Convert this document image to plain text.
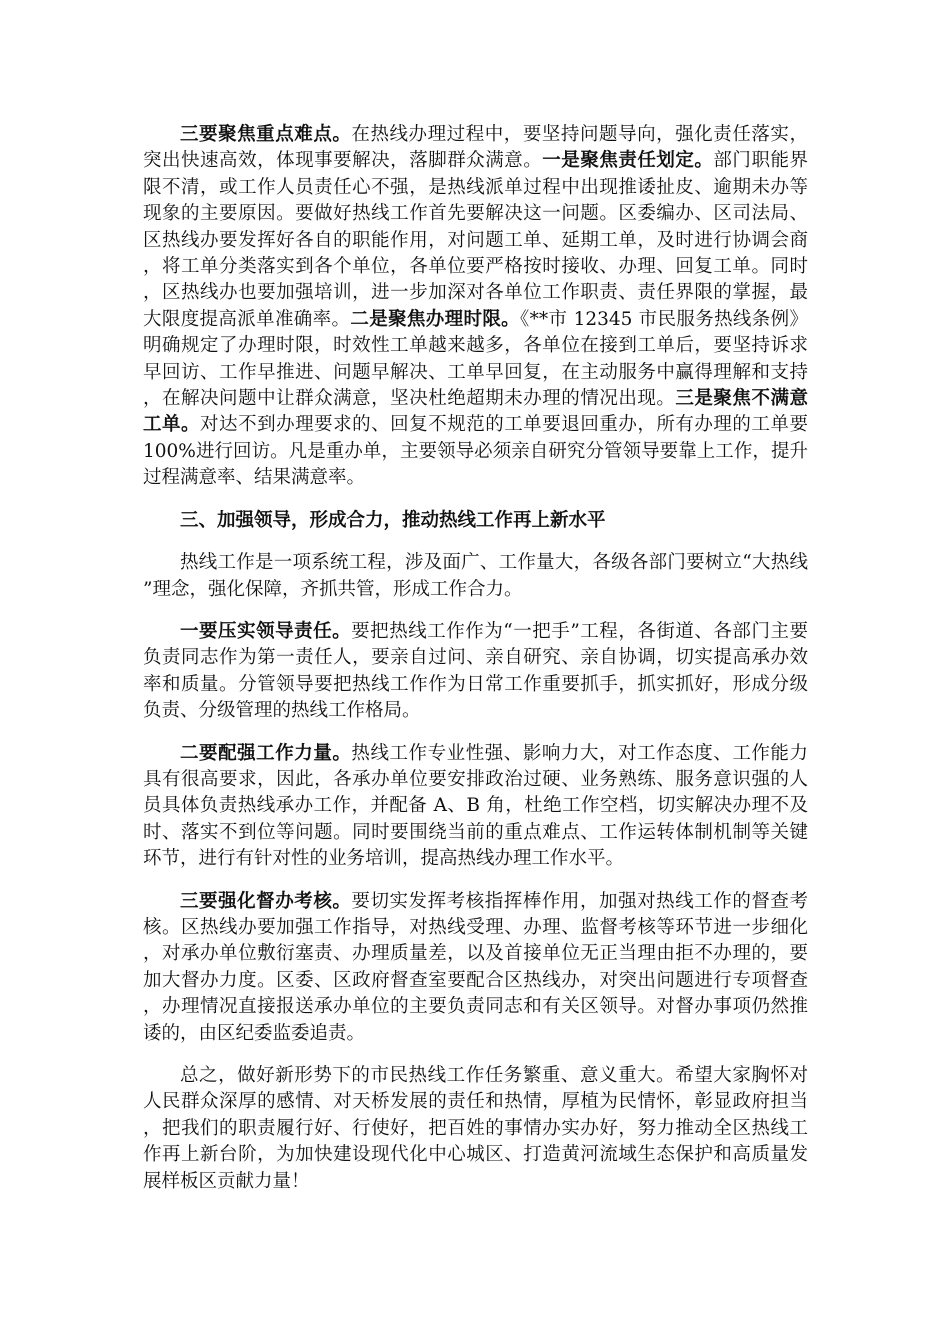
三要聚焦重点难点。在热线办理过程中，要坚持问题导向，强化责任落实，突出快速高效，体现事要解决，落脚群众满意。一是聚焦责任划定。部门职能界限不清，或工作人员责任心不强，是热线派单过程中出现推诿扯皮、逾期未办等现象的主要原因。要做好热线工作首先要解决这一问题。区委编办、区司法局、区热线办要发挥好各自的职能作用，对问题工单、延期工单，及时进行协调会商，将工单分类落实到各个单位，各单位要严格按时接收、办理、回复工单。同时，区热线办也要加强培训，进一步加深对各单位工作职责、责任界限的掌握，最大限度提高派单准确率。二是聚焦办理时限。《**市 12345 市民服务热线条例》明确规定了办理时限，时效性工单越来越多，各单位在接到工单后，要坚持诉求早回访、工作早推进、问题早解决、工单早回复，在主动服务中赢得理解和支持，在解决问题中让群众满意，坚决杜绝超期未办理的情况出现。三是聚焦不满意工单。对达不到办理要求的、回复不规范的工单要退回重办，所有办理的工单要 100%进行回访。凡是重办单，主要领导必须亲自研究分管领导要靠上工作，提升过程满意率、结果满意率。

三、加强领导，形成合力，推动热线工作再上新水平

热线工作是一项系统工程，涉及面广、工作量大，各级各部门要树立“大热线”理念，强化保障，齐抓共管，形成工作合力。

一要压实领导责任。要把热线工作作为“一把手”工程，各街道、各部门主要负责同志作为第一责任人，要亲自过问、亲自研究、亲自协调，切实提高承办效率和质量。分管领导要把热线工作作为日常工作重要抓手，抓实抓好，形成分级负责、分级管理的热线工作格局。

二要配强工作力量。热线工作专业性强、影响力大，对工作态度、工作能力具有很高要求，因此，各承办单位要安排政治过硬、业务熟练、服务意识强的人员具体负责热线承办工作，并配备 A、B 角，杜绝工作空档，切实解决办理不及时、落实不到位等问题。同时要围绕当前的重点难点、工作运转体制机制等关键环节，进行有针对性的业务培训，提高热线办理工作水平。

三要强化督办考核。要切实发挥考核指挥棒作用，加强对热线工作的督查考核。区热线办要加强工作指导，对热线受理、办理、监督考核等环节进一步细化，对承办单位敷衍塞责、办理质量差，以及首接单位无正当理由拒不办理的，要加大督办力度。区委、区政府督查室要配合区热线办，对突出问题进行专项督查，办理情况直接报送承办单位的主要负责同志和有关区领导。对督办事项仍然推诿的，由区纪委监委追责。

总之，做好新形势下的市民热线工作任务繁重、意义重大。希望大家胸怀对人民群众深厚的感情、对天桥发展的责任和热情，厚植为民情怀，彰显政府担当，把我们的职责履行好、行使好，把百姓的事情办实办好，努力推动全区热线工作再上新台阶，为加快建设现代化中心城区、打造黄河流域生态保护和高质量发展样板区贡献力量！
